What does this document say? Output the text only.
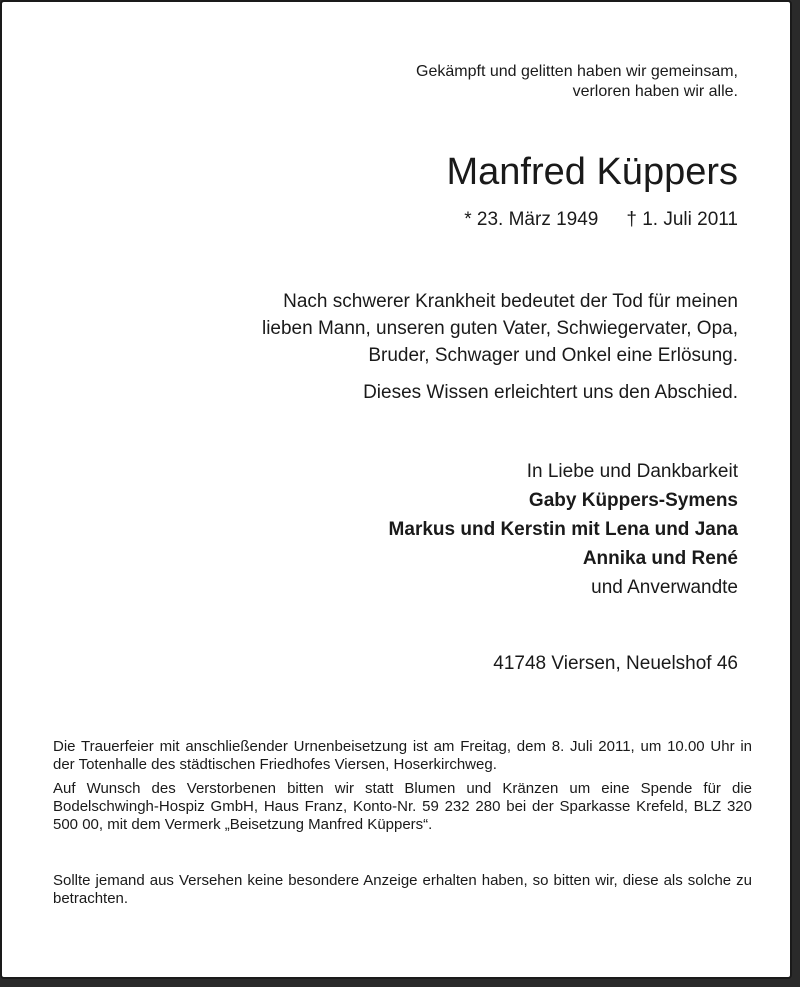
Gekämpft und gelitten haben wir gemeinsam,
verloren haben wir alle.
Manfred Küppers
* 23. März 1949 † 1. Juli 2011
Nach schwerer Krankheit bedeutet der Tod für meinen
lieben Mann, unseren guten Vater, Schwiegervater, Opa,
Bruder, Schwager und Onkel eine Erlösung.
Dieses Wissen erleichtert uns den Abschied.
In Liebe und Dankbarkeit
Gaby Küppers-Symens
Markus und Kerstin mit Lena und Jana
Annika und René
und Anverwandte
41748 Viersen, Neuelshof 46
Die Trauerfeier mit anschließender Urnenbeisetzung ist am Freitag, dem 8. Juli 2011, um 10.00 Uhr in der Totenhalle des städtischen Friedhofes Viersen, Hoserkirchweg.
Auf Wunsch des Verstorbenen bitten wir statt Blumen und Kränzen um eine Spende für die Bodelschwingh-Hospiz GmbH, Haus Franz, Konto-Nr. 59 232 280 bei der Sparkasse Krefeld, BLZ 320 500 00, mit dem Vermerk „Beisetzung Manfred Küppers“.
Sollte jemand aus Versehen keine besondere Anzeige erhalten haben, so bitten wir, diese als solche zu betrachten.
